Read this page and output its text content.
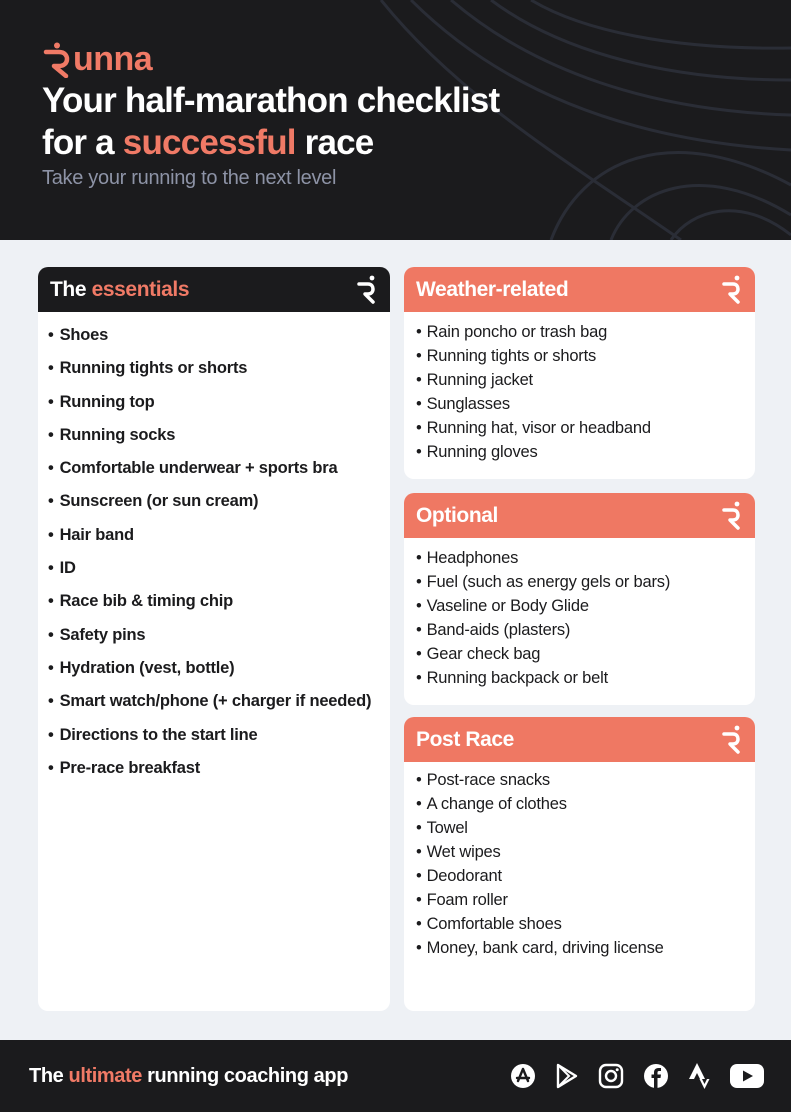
unna
Your half-marathon checklist
for a successful race
Take your running to the next level
The essentials
• Shoes
• Running tights or shorts
• Running top
• Running socks
• Comfortable underwear + sports bra
• Sunscreen (or sun cream)
• Hair band
• ID
• Race bib & timing chip
• Safety pins
• Hydration (vest, bottle)
• Smart watch/phone (+ charger if needed)
• Directions to the start line
• Pre-race breakfast
Weather-related
• Rain poncho or trash bag
• Running tights or shorts
• Running jacket
• Sunglasses
• Running hat, visor or headband
• Running gloves
Optional
• Headphones
• Fuel (such as energy gels or bars)
• Vaseline or Body Glide
• Band-aids (plasters)
• Gear check bag
• Running backpack or belt
Post Race
• Post-race snacks
• A change of clothes
• Towel
• Wet wipes
• Deodorant
• Foam roller
• Comfortable shoes
• Money, bank card, driving license
The ultimate running coaching app
